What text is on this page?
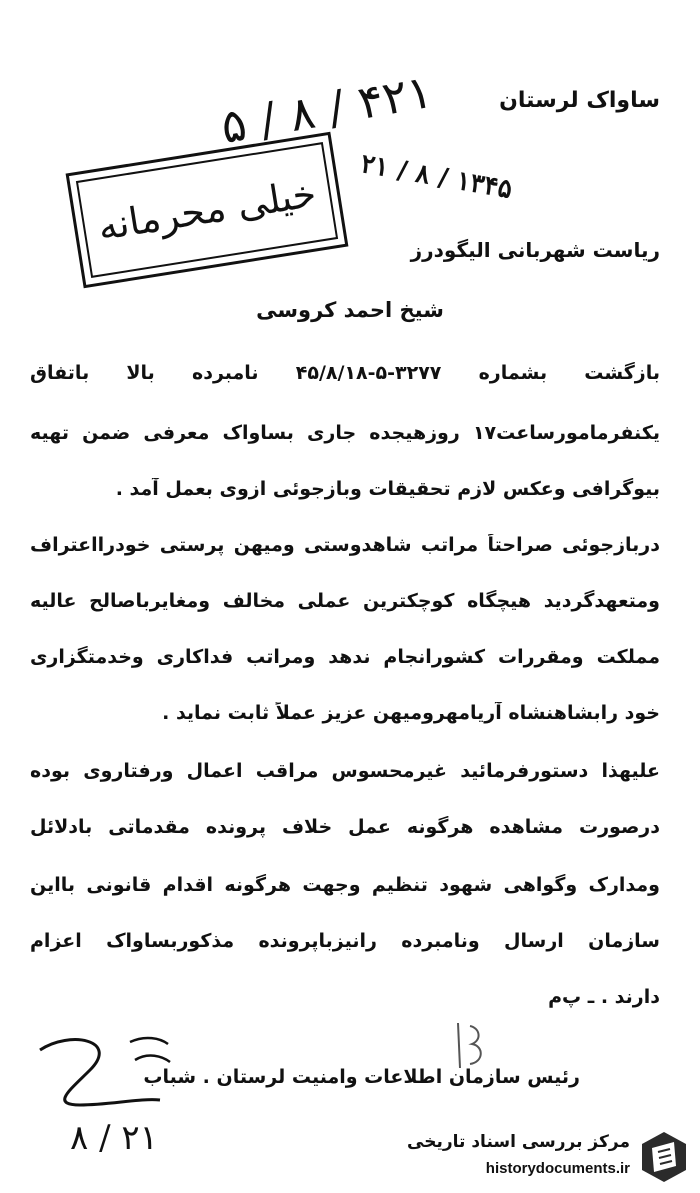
ساواک لرستان
۴۲۱ / ۸ / ۵
۱۳۴۵ / ۸ / ۲۱
خیلی محرمانه
ریاست شهربانی الیگودرز
شیخ احمد کروسی
بازگشت بشماره ۳۲۷۷-۵-۴۵/۸/۱۸ نامبرده بالا باتفاق
یکنفرمامورساعت۱۷ روزهیجده جاری بساواک معرفی ضمن تهیه
بیوگرافی وعکس لازم تحقیقات وبازجوئی ازوی بعمل آمد .
دربازجوئی صراحتاً مراتب شاهدوستی ومیهن پرستی خودرااعتراف
ومتعهدگردید هیچگاه کوچکترین عملی مخالف ومغایرباصالح عالیه
مملکت ومقررات کشورانجام ندهد ومراتب فداکاری وخدمتگزاری
خود رابشاهنشاه آریامهرومیهن عزیز عملاً ثابت نماید .
علیهذا دستورفرمائید غیرمحسوس مراقب اعمال ورفتاروی بوده
درصورت مشاهده هرگونه عمل خلاف پرونده مقدماتی بادلائل
ومدارک وگواهی شهود تنظیم وجهت هرگونه اقدام قانونی بااین
سازمان ارسال ونامبرده رانیزباپرونده مذکوربساواک اعزام
دارند . ـ پ‌م
رئیس سازمان اطلاعات وامنیت لرستان . شباب
۲۱ / ۸	مرکز بررسی اسناد تاریخی
historydocuments.ir
